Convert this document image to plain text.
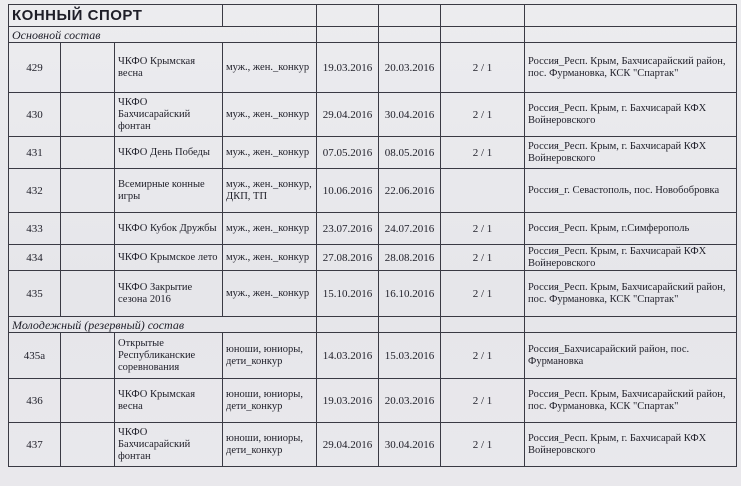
КОННЫЙ СПОРТ							
Основной состав							
429		ЧКФО Крымская весна	муж., жен._конкур	19.03.2016	20.03.2016	2 / 1	Россия_Респ. Крым, Бахчисарайский район, пос. Фурмановка, КСК "Спартак"
430		ЧКФО Бахчисарайский фонтан	муж., жен._конкур	29.04.2016	30.04.2016	2 / 1	Россия_Респ. Крым, г. Бахчисарай КФХ Войнеровского
431		ЧКФО День Победы	муж., жен._конкур	07.05.2016	08.05.2016	2 / 1	Россия_Респ. Крым, г. Бахчисарай КФХ Войнеровского
432		Всемирные конные игры	муж., жен._конкур, ДКП, ТП	10.06.2016	22.06.2016		Россия_г. Севастополь, пос. Новобобровка
433		ЧКФО Кубок Дружбы	муж., жен._конкур	23.07.2016	24.07.2016	2 / 1	Россия_Респ. Крым, г.Симферополь
434		ЧКФО Крымское лето	муж., жен._конкур	27.08.2016	28.08.2016	2 / 1	Россия_Респ. Крым, г. Бахчисарай КФХ Войнеровского
435		ЧКФО Закрытие сезона 2016	муж., жен._конкур	15.10.2016	16.10.2016	2 / 1	Россия_Респ. Крым, Бахчисарайский район, пос. Фурмановка, КСК "Спартак"
Молодежный (резервный) состав							
435а		Открытые Республиканские соревнования	юноши, юниоры, дети_конкур	14.03.2016	15.03.2016	2 / 1	Россия_Бахчисарайский район, пос. Фурмановка
436		ЧКФО Крымская весна	юноши, юниоры, дети_конкур	19.03.2016	20.03.2016	2 / 1	Россия_Респ. Крым, Бахчисарайский район, пос. Фурмановка, КСК "Спартак"
437		ЧКФО Бахчисарайский фонтан	юноши, юниоры, дети_конкур	29.04.2016	30.04.2016	2 / 1	Россия_Респ. Крым, г. Бахчисарай КФХ Войнеровского
